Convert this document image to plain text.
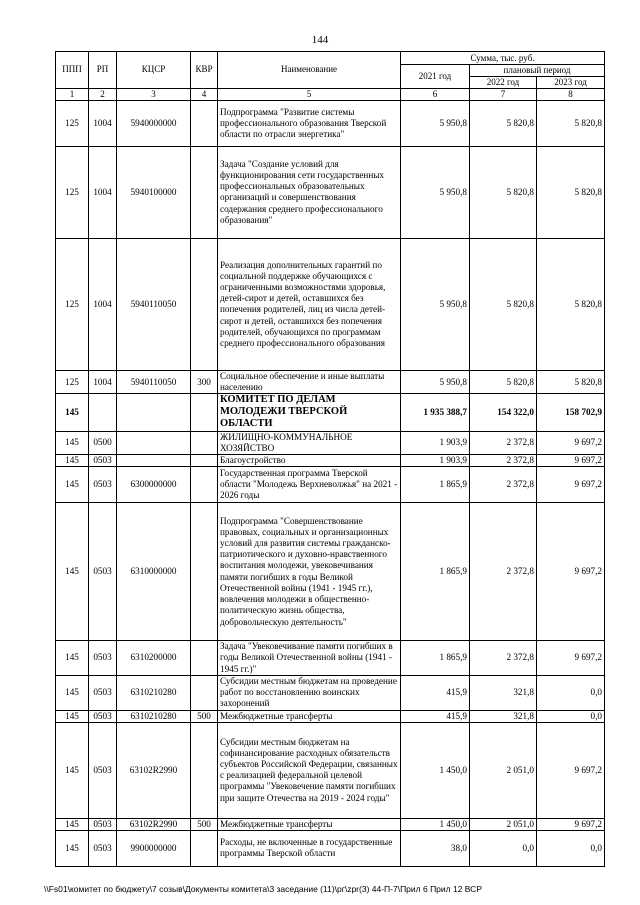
144
ППП	РП	КЦСР	КВР	Наименование	Сумма, тыс. руб.		
					2021 год	плановый период	
						2022 год	2023 год
1	2	3	4	5	6	7	8
125	1004	5940000000		Подпрограмма "Развитие системы профессионального образования Тверской области по отрасли энергетика"	5 950,8	5 820,8	5 820,8
125	1004	5940100000		Задача "Создание условий для функционирования сети государственных профессиональных образовательных организаций и совершенствования содержания среднего профессионального образования"	5 950,8	5 820,8	5 820,8
125	1004	5940110050		Реализация дополнительных гарантий по социальной поддержке обучающихся с ограниченными возможностями здоровья, детей-сирот и детей, оставшихся без попечения родителей, лиц из числа детей-сирот и детей, оставшихся без попечения родителей, обучающихся по программам среднего профессионального образования	5 950,8	5 820,8	5 820,8
125	1004	5940110050	300	Социальное обеспечение и иные выплаты населению	5 950,8	5 820,8	5 820,8
145				КОМИТЕТ ПО ДЕЛАМ МОЛОДЕЖИ ТВЕРСКОЙ ОБЛАСТИ	1 935 388,7	154 322,0	158 702,9
145	0500			ЖИЛИЩНО-КОММУНАЛЬНОЕ ХОЗЯЙСТВО	1 903,9	2 372,8	9 697,2
145	0503			Благоустройство	1 903,9	2 372,8	9 697,2
145	0503	6300000000		Государственная программа Тверской области "Молодежь Верхневолжья" на 2021 - 2026 годы	1 865,9	2 372,8	9 697,2
145	0503	6310000000		Подпрограмма "Совершенствование правовых, социальных и организационных условий для развития системы гражданско-патриотического и духовно-нравственного воспитания молодежи, увековечивания памяти погибших в годы Великой Отечественной войны (1941 - 1945 гг.), вовлечения молодежи в общественно-политическую жизнь общества, добровольческую деятельность"	1 865,9	2 372,8	9 697,2
145	0503	6310200000		Задача "Увековечивание памяти погибших в годы Великой Отечественной войны (1941 - 1945 гг.)"	1 865,9	2 372,8	9 697,2
145	0503	6310210280		Субсидии местным бюджетам на проведение работ по восстановлению воинских захоронений	415,9	321,8	0,0
145	0503	6310210280	500	Межбюджетные трансферты	415,9	321,8	0,0
145	0503	63102R2990		Субсидии местным бюджетам на софинансирование расходных обязательств субъектов Российской Федерации, связанных с реализацией федеральной целевой программы "Увековечение памяти погибших при защите Отечества на 2019 - 2024 годы"	1 450,0	2 051,0	9 697,2
145	0503	63102R2990	500	Межбюджетные трансферты	1 450,0	2 051,0	9 697,2
145	0503	9900000000		Расходы, не включенные в государственные программы Тверской области	38,0	0,0	0,0
\\Fs01\комитет по бюджету\7 созыв\Документы комитета\3 заседание (11)\рг\zpr(3) 44-П-7\Прил 6 Прил 12 ВСР
